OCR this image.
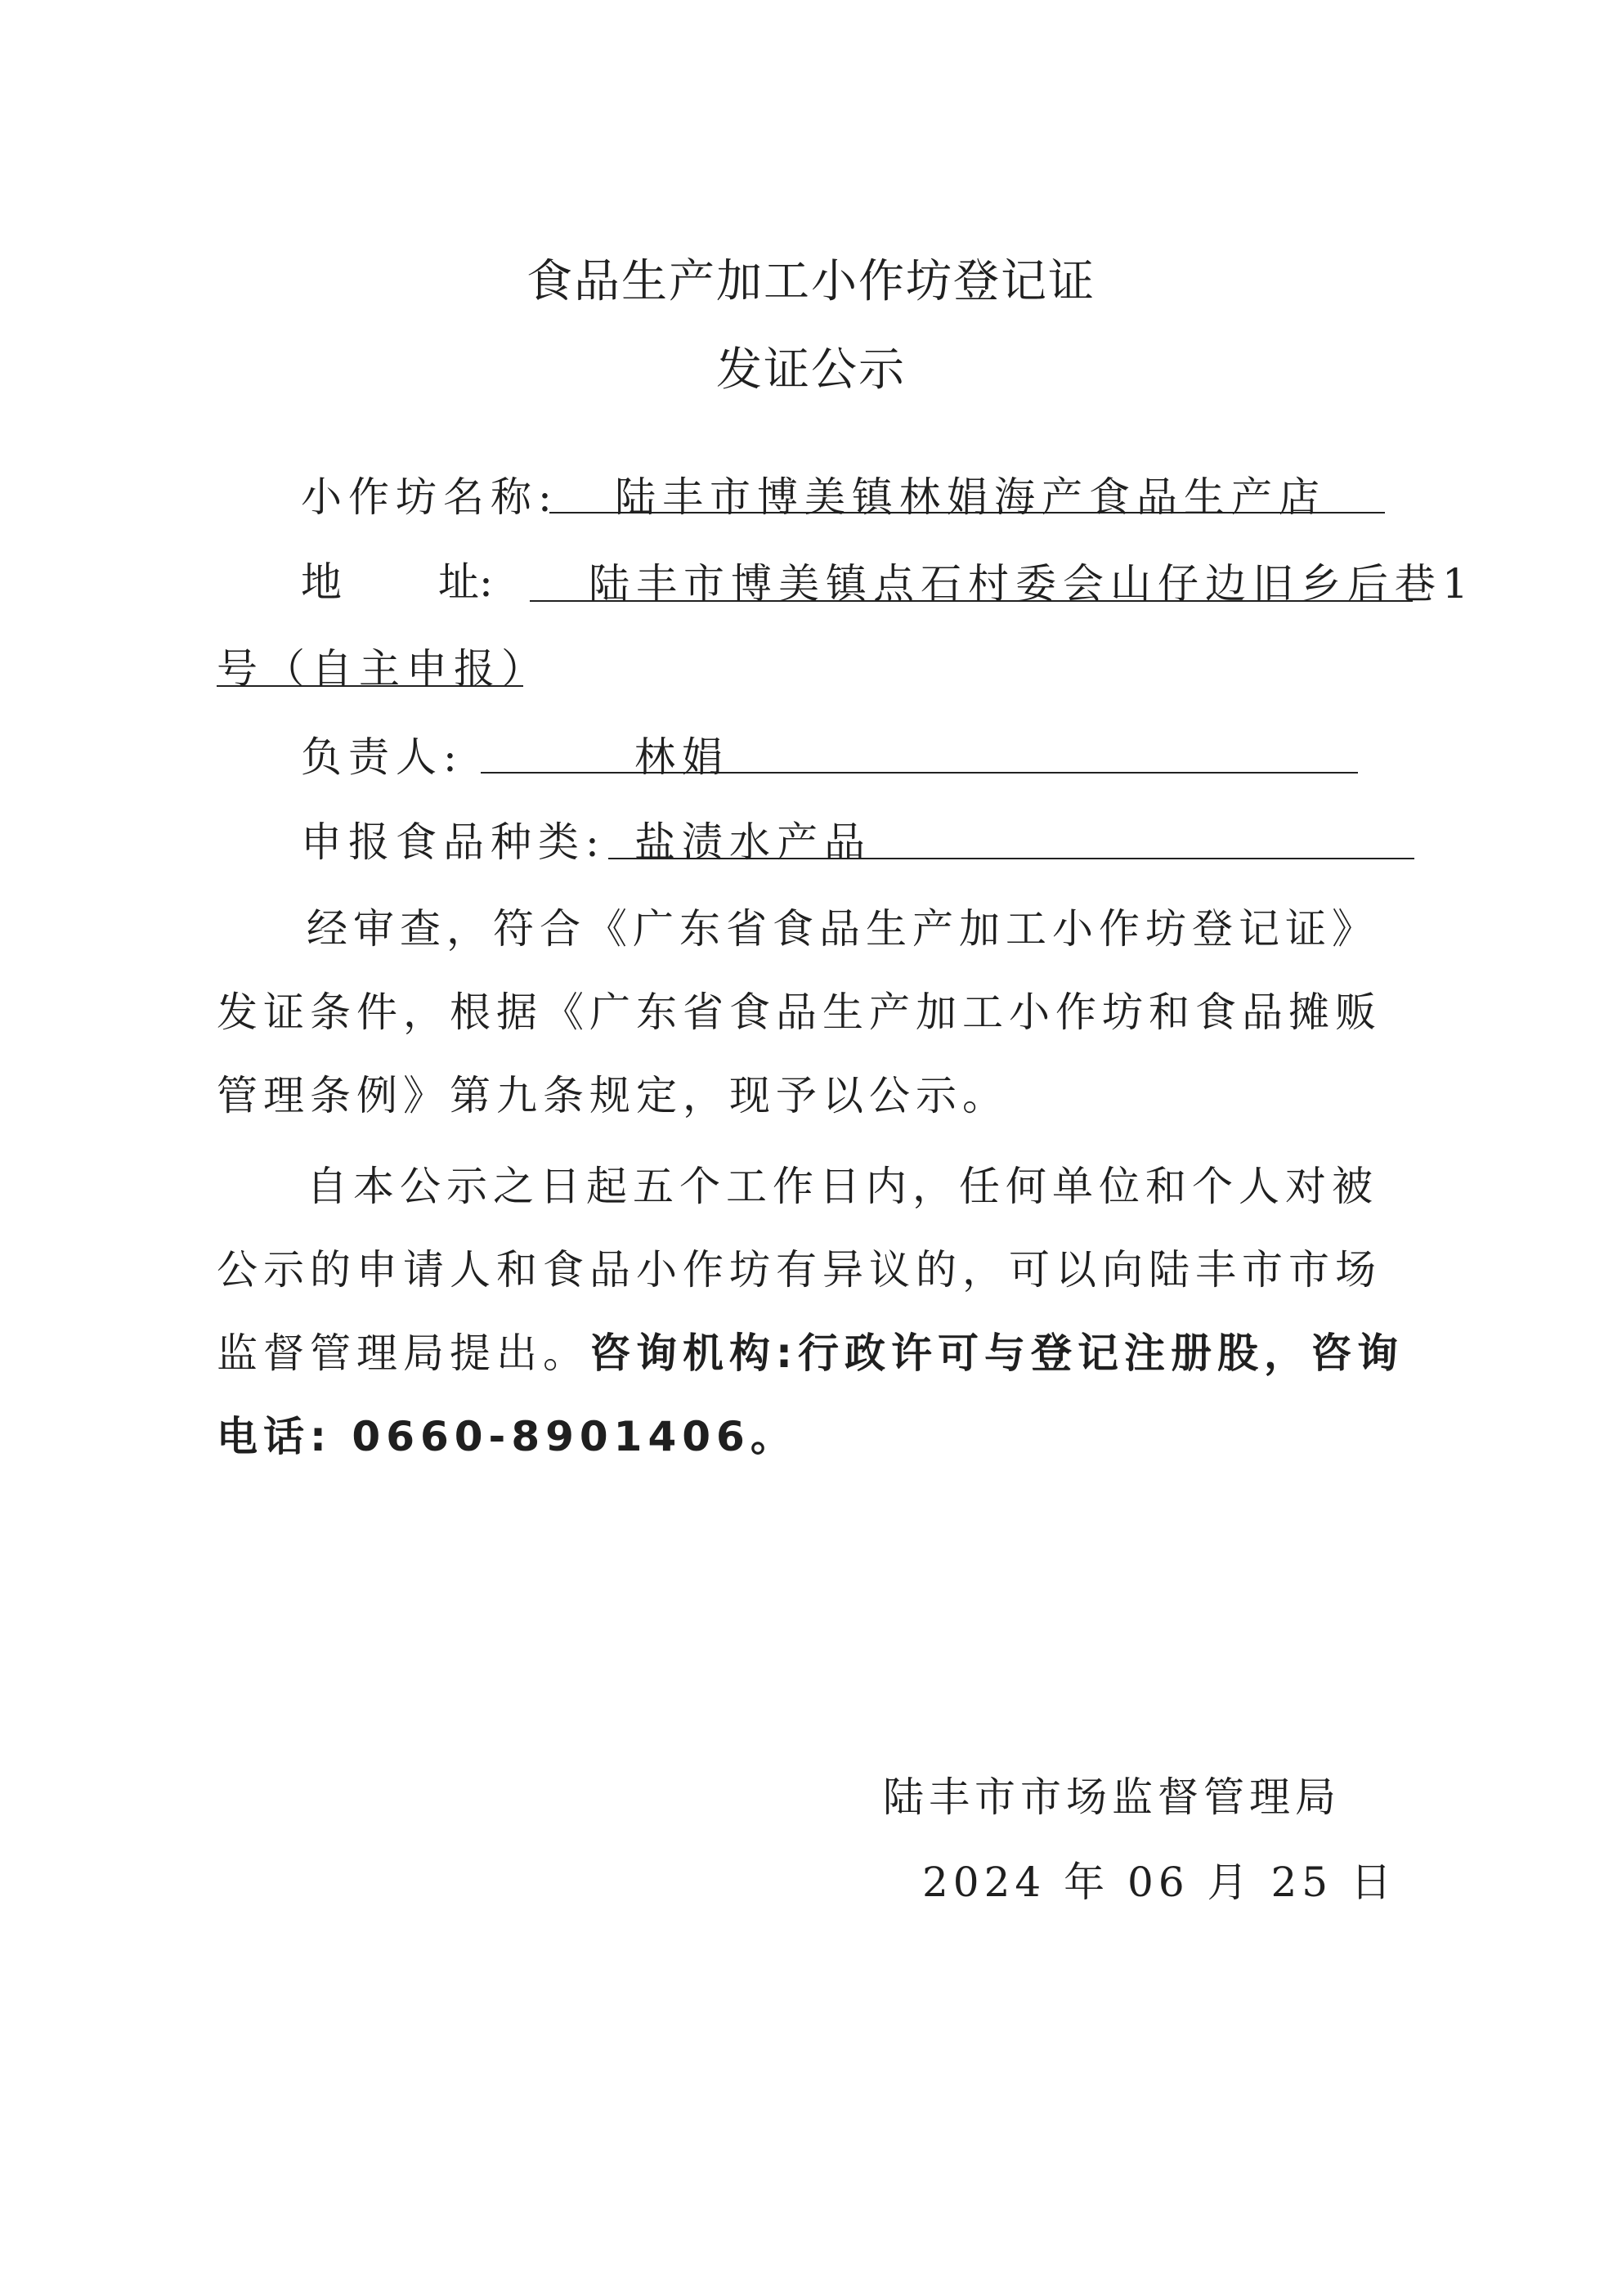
食品生产加工小作坊登记证
发证公示
小作坊名称: 陆丰市博美镇林娟海产食品生产店
地 址: 陆丰市博美镇点石村委会山仔边旧乡后巷1
号（自主申报）
负责人:	林娟
申报食品种类: 盐渍水产品
经审查，符合《广东省食品生产加工小作坊登记证》发证条件，根据《广东省食品生产加工小作坊和食品摊贩管理条例》第九条规定，现予以公示。
自本公示之日起五个工作日内，任何单位和个人对被公示的申请人和食品小作坊有异议的，可以向陆丰市市场监督管理局提出。咨询机构:行政许可与登记注册股，咨询电话: 0660-8901406。
陆丰市市场监督管理局
2024 年 06 月 25 日
